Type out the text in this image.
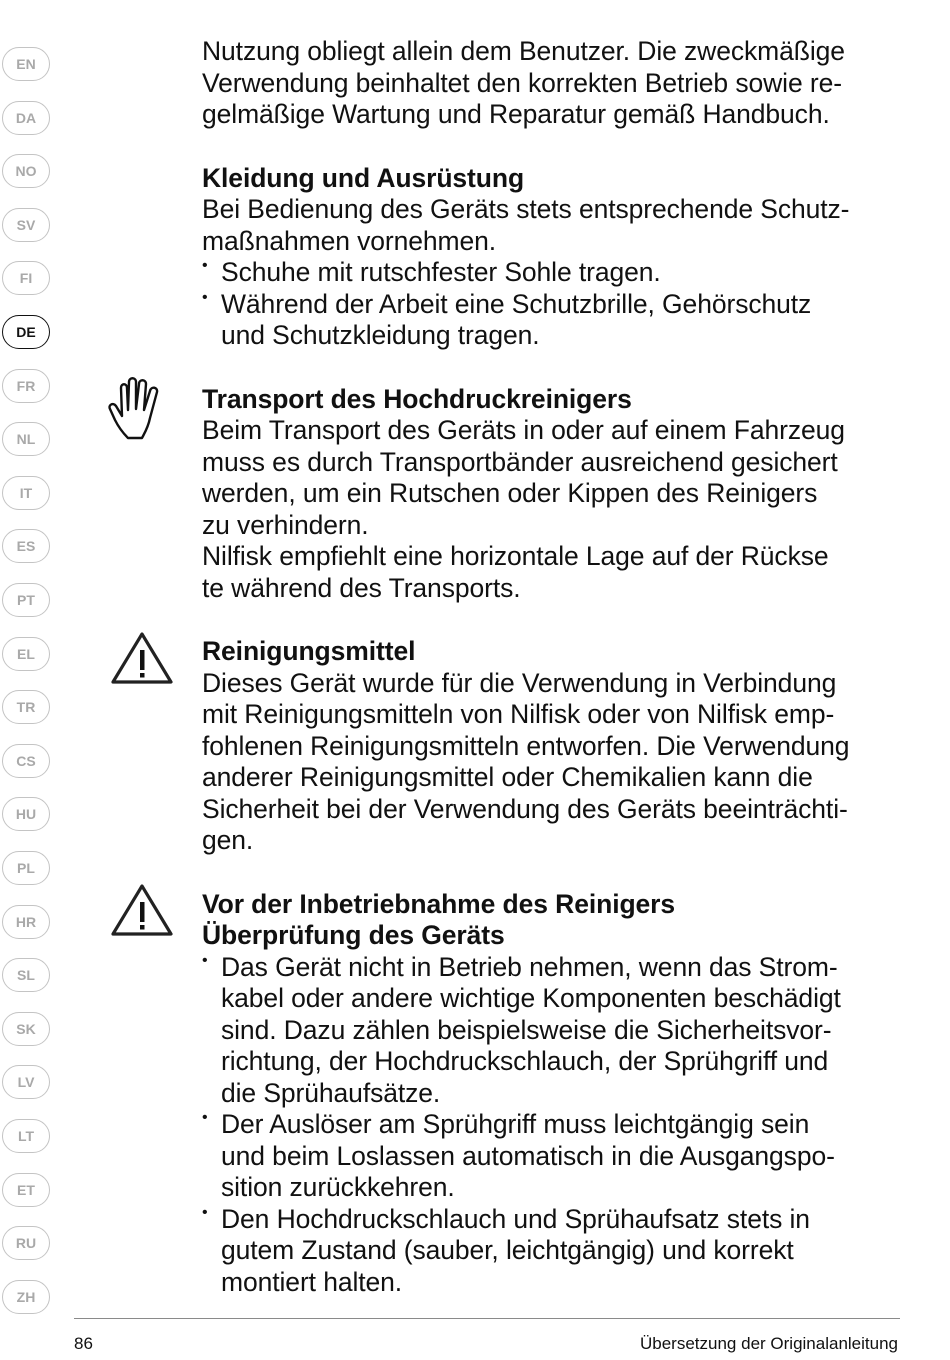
EN
DA
NO
SV
FI
DE
FR
NL
IT
ES
PT
EL
TR
CS
HU
PL
HR
SL
SK
LV
LT
ET
RU
ZH

Nutzung obliegt allein dem Benutzer. Die zweckmäßige

Verwendung beinhaltet den korrekten Betrieb sowie re-

gelmäßige Wartung und Reparatur gemäß Handbuch.

Kleidung und Ausrüstung

Bei Bedienung des Geräts stets entsprechende Schutz-

maßnahmen vornehmen.

• Schuhe mit rutschfester Sohle tragen.

• Während der Arbeit eine Schutzbrille, Gehörschutz

und Schutzkleidung tragen.

Transport des Hochdruckreinigers

Beim Transport des Geräts in oder auf einem Fahrzeug

muss es durch Transportbänder ausreichend gesichert

werden, um ein Rutschen oder Kippen des Reinigers

zu verhindern.

Nilfisk empfiehlt eine horizontale Lage auf der Rückse

te während des Transports.

Reinigungsmittel

Dieses Gerät wurde für die Verwendung in Verbindung

mit Reinigungsmitteln von Nilfisk oder von Nilfisk emp-

fohlenen Reinigungsmitteln entworfen. Die Verwendung

anderer Reinigungsmittel oder Chemikalien kann die

Sicherheit bei der Verwendung des Geräts beeinträchti-

gen.

Vor der Inbetriebnahme des Reinigers

Überprüfung des Geräts

• Das Gerät nicht in Betrieb nehmen, wenn das Strom-

kabel oder andere wichtige Komponenten beschädigt

sind. Dazu zählen beispielsweise die Sicherheitsvor-

richtung, der Hochdruckschlauch, der Sprühgriff und

die Sprühaufsätze.

• Der Auslöser am Sprühgriff muss leichtgängig sein

und beim Loslassen automatisch in die Ausgangspo-

sition zurückkehren.

• Den Hochdruckschlauch und Sprühaufsatz stets in

gutem Zustand (sauber, leichtgängig) und korrekt

montiert halten.

86	Übersetzung der Originalanleitung
